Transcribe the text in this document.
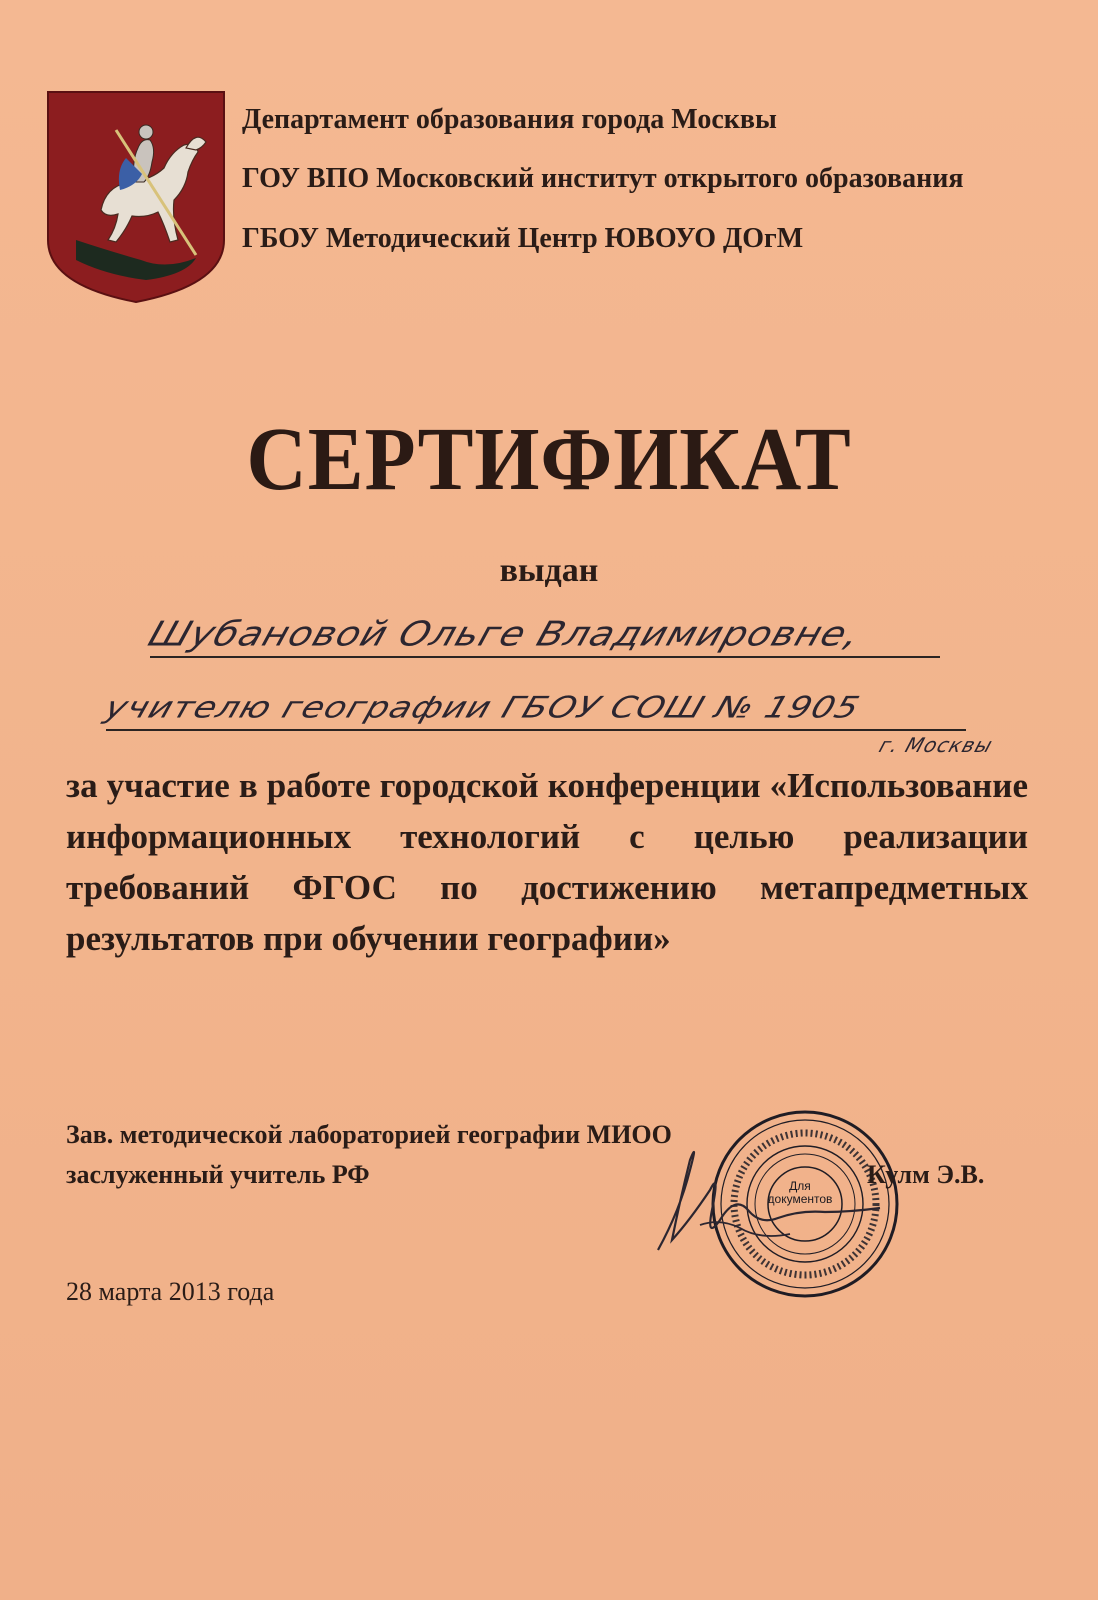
Департамент образования города Москвы
ГОУ ВПО Московский институт открытого образования
ГБОУ Методический Центр ЮВОУО ДОгМ
СЕРТИФИКАТ
выдан
Шубановой Ольге Владимировне,
учителю географии ГБОУ СОШ № 1905
г. Москвы
за участие в работе городской конференции «Использование информационных технологий с целью реализации требований ФГОС по достижению метапредметных результатов при обучении географии»
Зав. методической лабораторией географии МИОО
заслуженный учитель РФ	Для документов
Кулм Э.В.
28 марта 2013 года
